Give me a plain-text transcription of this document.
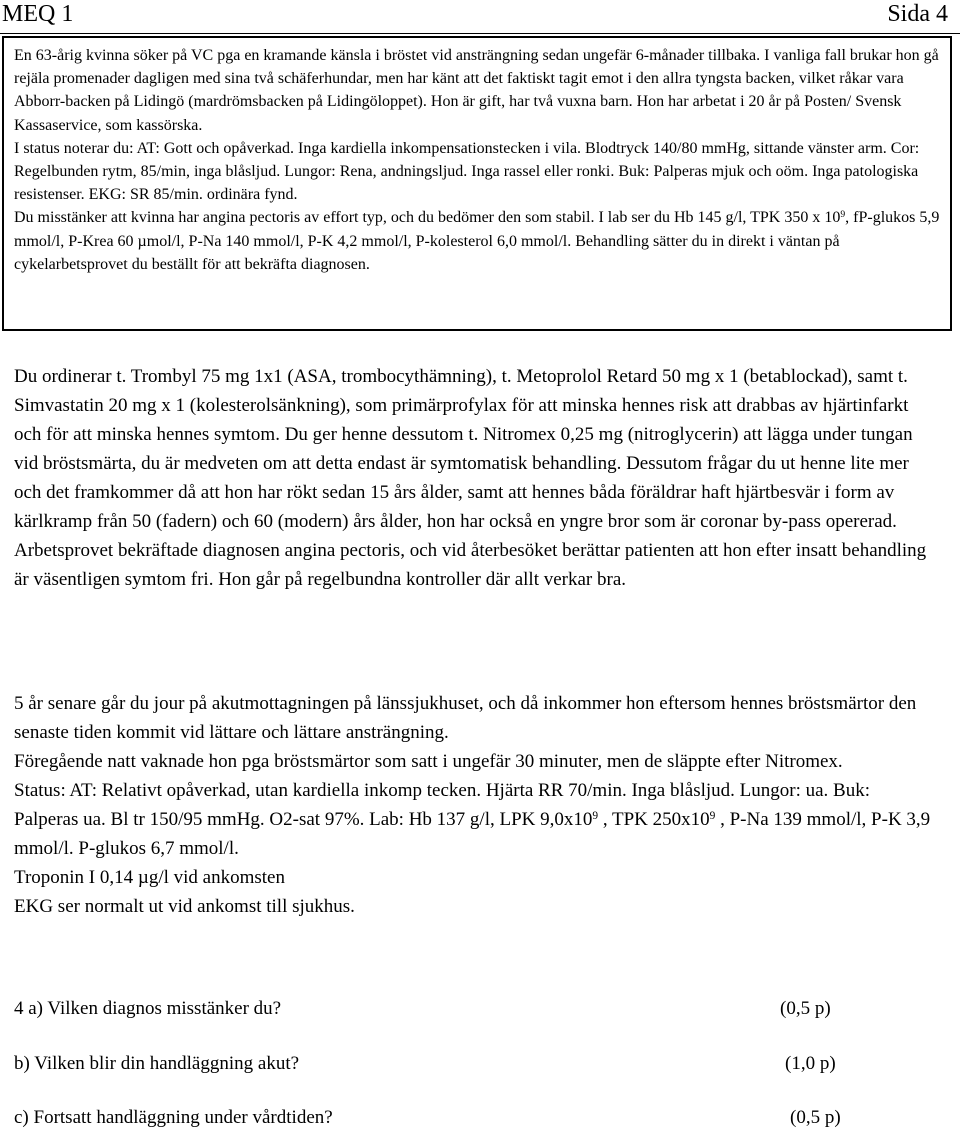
MEQ 1	Sida 4

En 63-årig kvinna söker på VC pga en kramande känsla i bröstet vid ansträngning sedan ungefär 6-månader tillbaka. I vanliga fall brukar hon gå rejäla promenader dagligen med sina två schäferhundar, men har känt att det faktiskt tagit emot i den allra tyngsta backen, vilket råkar vara Abborr-backen på Lidingö (mardrömsbacken på Lidingöloppet). Hon är gift, har två vuxna barn. Hon har arbetat i 20 år på Posten/ Svensk Kassaservice, som kassörska.

I status noterar du: AT: Gott och opåverkad. Inga kardiella inkompensationstecken i vila. Blodtryck 140/80 mmHg, sittande vänster arm. Cor: Regelbunden rytm, 85/min, inga blåsljud. Lungor: Rena, andningsljud. Inga rassel eller ronki. Buk: Palperas mjuk och oöm. Inga patologiska resistenser. EKG: SR 85/min. ordinära fynd.

Du misstänker att kvinna har angina pectoris av effort typ, och du bedömer den som stabil. I lab ser du Hb 145 g/l, TPK 350 x $10^9$, fP-glukos 5,9 mmol/l, P-Krea 60 µmol/l, P-Na 140 mmol/l, P-K 4,2 mmol/l, P-kolesterol 6,0 mmol/l. Behandling sätter du in direkt i väntan på cykelarbetsprovet du beställt för att bekräfta diagnosen.

Du ordinerar t. Trombyl 75 mg 1x1 (ASA, trombocythämning), t. Metoprolol Retard 50 mg x 1 (betablockad), samt t. Simvastatin 20 mg x 1 (kolesterolsänkning), som primärprofylax för att minska hennes risk att drabbas av hjärtinfarkt och för att minska hennes symtom. Du ger henne dessutom t. Nitromex 0,25 mg (nitroglycerin) att lägga under tungan vid bröstsmärta, du är medveten om att detta endast är symtomatisk behandling. Dessutom frågar du ut henne lite mer och det framkommer då att hon har rökt sedan 15 års ålder, samt att hennes båda föräldrar haft hjärtbesvär i form av kärlkramp från 50 (fadern) och 60 (modern) års ålder, hon har också en yngre bror som är coronar by-pass opererad.

Arbetsprovet bekräftade diagnosen angina pectoris, och vid återbesöket berättar patienten att hon efter insatt behandling är väsentligen symtom fri. Hon går på regelbundna kontroller där allt verkar bra.

5 år senare går du jour på akutmottagningen på länssjukhuset, och då inkommer hon eftersom hennes bröstsmärtor den senaste tiden kommit vid lättare och lättare ansträngning.

Föregående natt vaknade hon pga bröstsmärtor som satt i ungefär 30 minuter, men de släppte efter Nitromex.

Status: AT: Relativt opåverkad, utan kardiella inkomp tecken. Hjärta RR 70/min. Inga blåsljud. Lungor: ua. Buk: Palperas ua. Bl tr 150/95 mmHg. O2-sat 97%. Lab: Hb 137 g/l, LPK $9,0x10^9$ , TPK $250x10^9$ , P-Na 139 mmol/l, P-K 3,9 mmol/l. P-glukos 6,7 mmol/l.

Troponin I 0,14 µg/l vid ankomsten

EKG ser normalt ut vid ankomst till sjukhus.

4 a) Vilken diagnos misstänker du?	(0,5 p)
b) Vilken blir din handläggning akut?	(1,0 p)
c) Fortsatt handläggning under vårdtiden?	(0,5 p)
